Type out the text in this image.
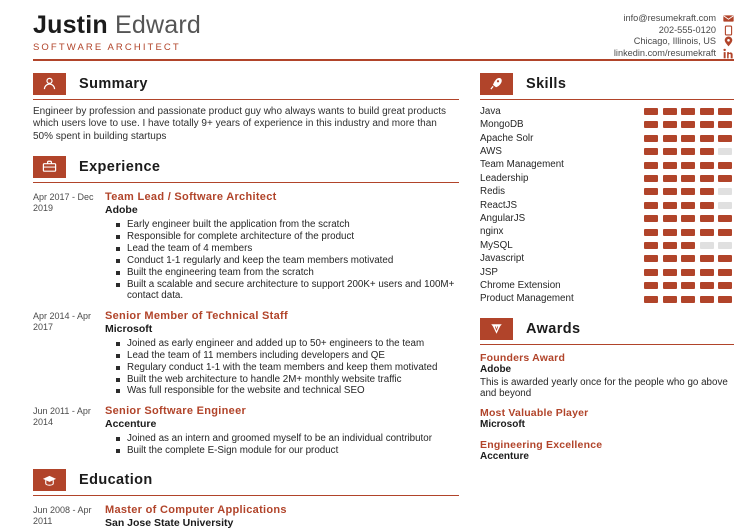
Justin Edward
SOFTWARE ARCHITECT
info@resumekraft.com
202-555-0120
Chicago, Illinois, US
linkedin.com/resumekraft
Summary
Engineer by profession and passionate product guy who always wants to build great products which users love to use. I have totally 9+ years of experience in this industry and more than 50% spent in building startups
Experience
Apr 2017 - Dec 2019
Team Lead / Software Architect
Adobe
Early engineer built the application from the scratch
Responsible for complete architecture of the product
Lead the team of 4 members
Conduct 1-1 regularly and keep the team members motivated
Built the engineering team from the scratch
Built a scalable and secure architecture to support 200K+ users and 100M+ contact data.
Apr 2014 - Apr 2017
Senior Member of Technical Staff
Microsoft
Joined as early engineer and added up to 50+ engineers to the team
Lead the team of 11 members including developers and QE
Regulary conduct 1-1 with the team members and keep them motivated
Built the web architecture to handle 2M+ monthly website traffic
Was full responsible for the website and technical SEO
Jun 2011 - Apr 2014
Senior Software Engineer
Accenture
Joined as an intern and groomed myself to be an individual contributor
Built the complete E-Sign module for our product
Education
Jun 2008 - Apr 2011
Master of Computer Applications
San Jose State University
Skills
Java
MongoDB
Apache Solr
AWS
Team Management
Leadership
Redis
ReactJS
AngularJS
nginx
MySQL
Javascript
JSP
Chrome Extension
Product Management
Awards
Founders Award
Adobe
This is awarded yearly once for the people who go above and beyond
Most Valuable Player
Microsoft
Engineering Excellence
Accenture
